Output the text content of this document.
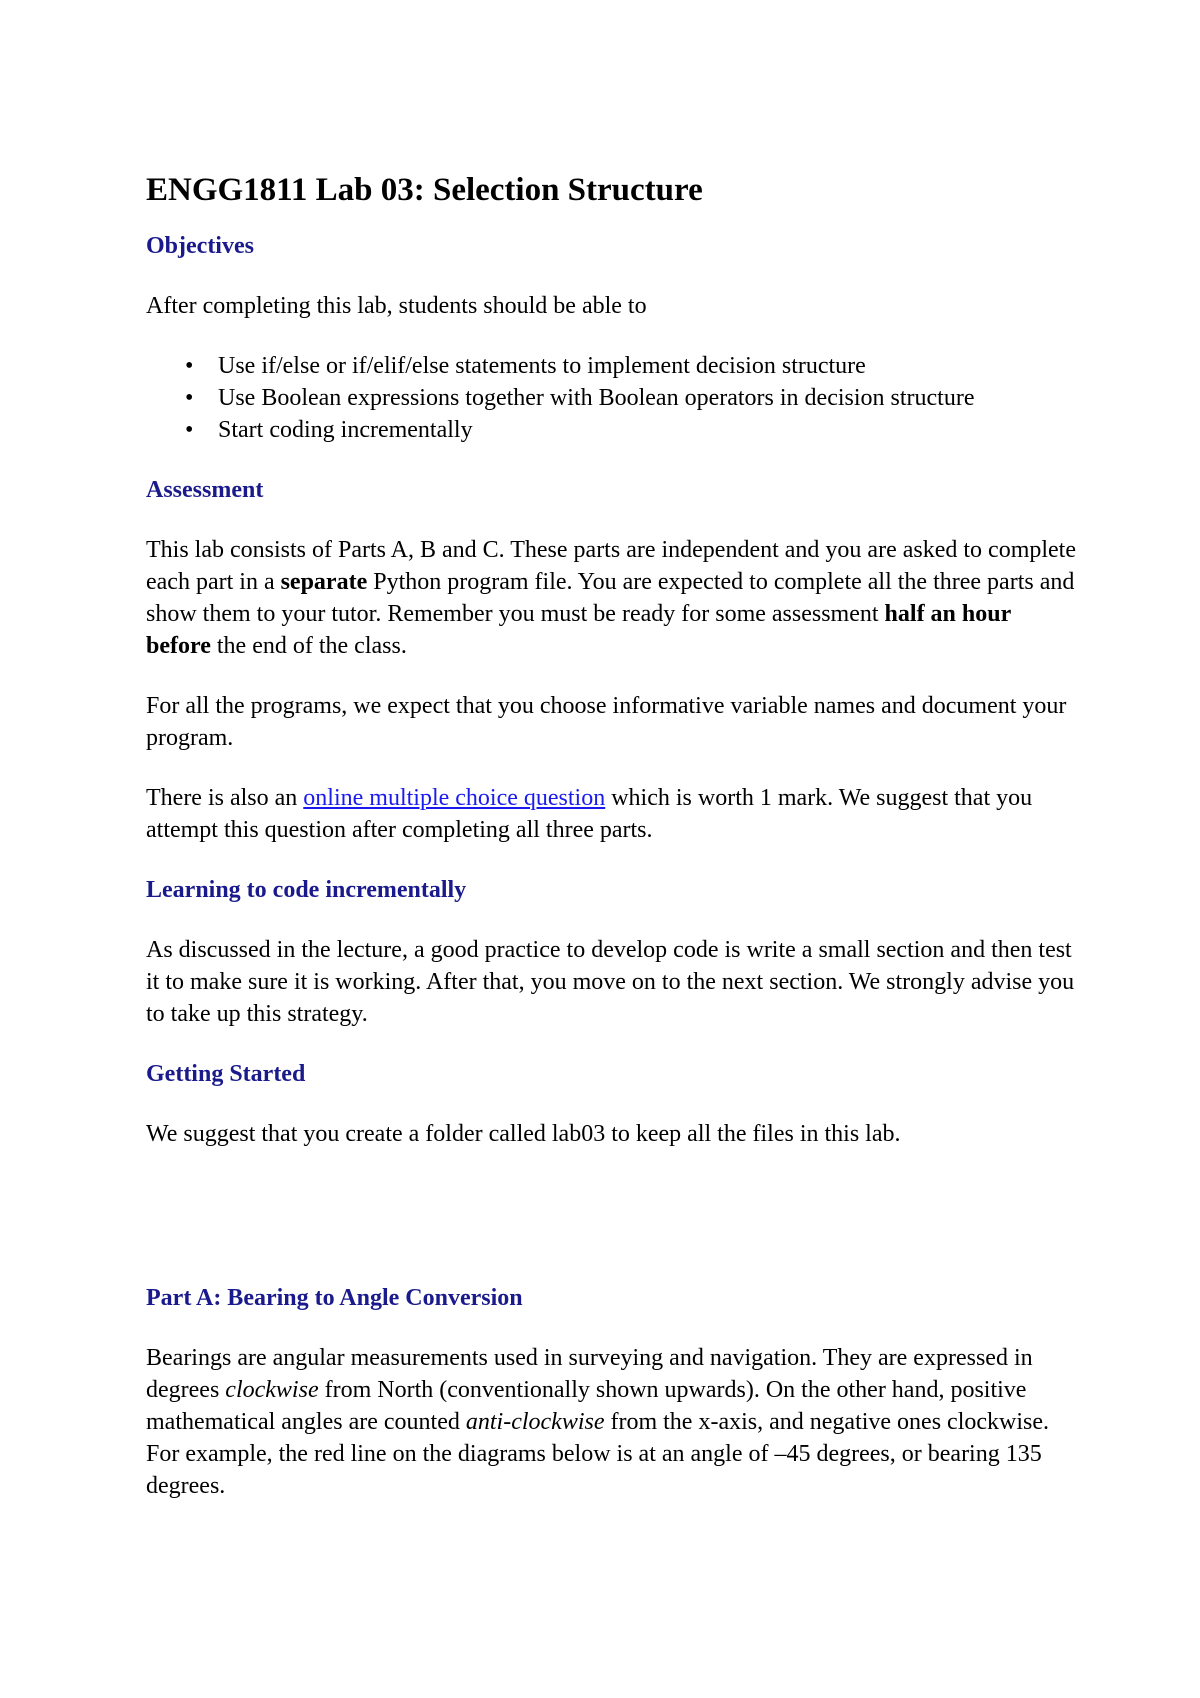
ENGG1811 Lab 03: Selection Structure
Objectives

After completing this lab, students should be able to

• Use if/else or if/elif/else statements to implement decision structure
• Use Boolean expressions together with Boolean operators in decision structure
• Start coding incrementally
Assessment

This lab consists of Parts A, B and C. These parts are independent and you are asked to complete each part in a separate Python program file. You are expected to complete all the three parts and show them to your tutor. Remember you must be ready for some assessment half an hour before the end of the class.

For all the programs, we expect that you choose informative variable names and document your program.

There is also an online multiple choice question which is worth 1 mark. We suggest that you attempt this question after completing all three parts.

Learning to code incrementally

As discussed in the lecture, a good practice to develop code is write a small section and then test it to make sure it is working. After that, you move on to the next section. We strongly advise you to take up this strategy.

Getting Started

We suggest that you create a folder called lab03 to keep all the files in this lab.

Part A: Bearing to Angle Conversion

Bearings are angular measurements used in surveying and navigation. They are expressed in degrees clockwise from North (conventionally shown upwards). On the other hand, positive mathematical angles are counted anti-clockwise from the x-axis, and negative ones clockwise. For example, the red line on the diagrams below is at an angle of –45 degrees, or bearing 135 degrees.
